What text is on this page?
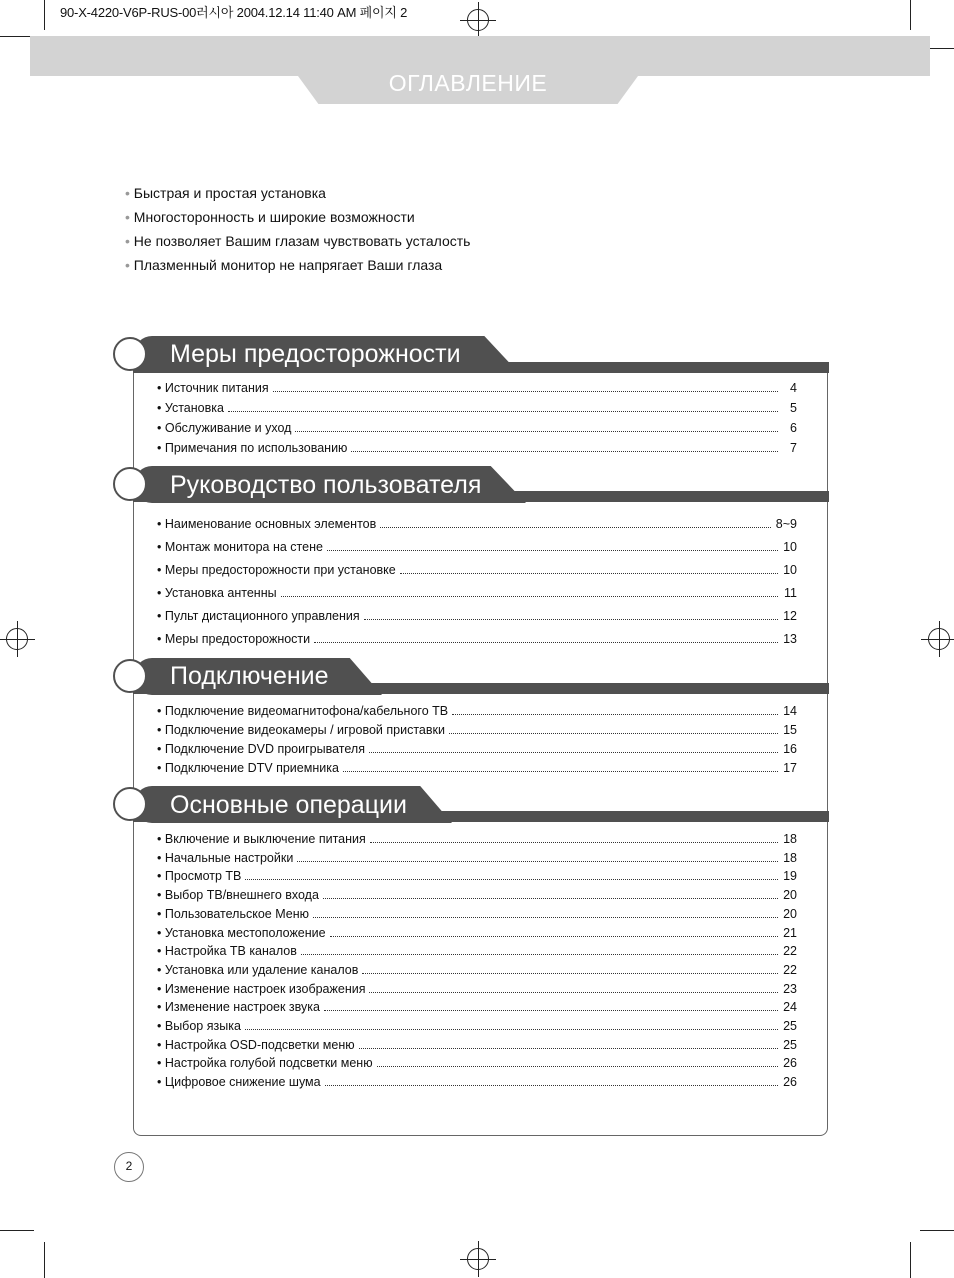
90-X-4220-V6P-RUS-00러시아 2004.12.14 11:40 AM 페이지 2
ОГЛАВЛЕНИЕ
• Быстрая и простая установка
• Многосторонность и широкие возможности
• Не позволяет Вашим глазам чувствовать усталость
• Плазменный монитор не напрягает Ваши глаза
Меры предосторожности
Руководство пользователя
Подключение
Основные операции
• Источник питания	4
• Установка	5
• Обслуживание и уход	6
• Примечания по использованию	7
• Наименование основных элементов	8~9
• Монтаж монитора на стене	10
• Меры предосторожности при установке	10
• Установка антенны	11
• Пульт дистационного управления	12
• Меры предосторожности	13
• Подключение видеомагнитофона/кабельного ТВ	14
• Подключение видеокамеры / игровой приставки	15
• Подключение DVD проигрывателя	16
• Подключение DTV приемника	17
• Включение и выключение питания	18
• Начальные настройки	18
• Просмотр ТВ	19
• Выбор ТВ/внешнего входа	20
• Пользовательское Меню	20
• Установка местоположение	21
• Настройка ТВ каналов	22
• Установка или удаление каналов	22
• Изменение настроек изображения	23
• Изменение настроек звука	24
• Выбор языка	25
• Настройка OSD-подсветки меню	25
• Настройка голубой подсветки меню	26
• Цифровое снижение шума	26
2
